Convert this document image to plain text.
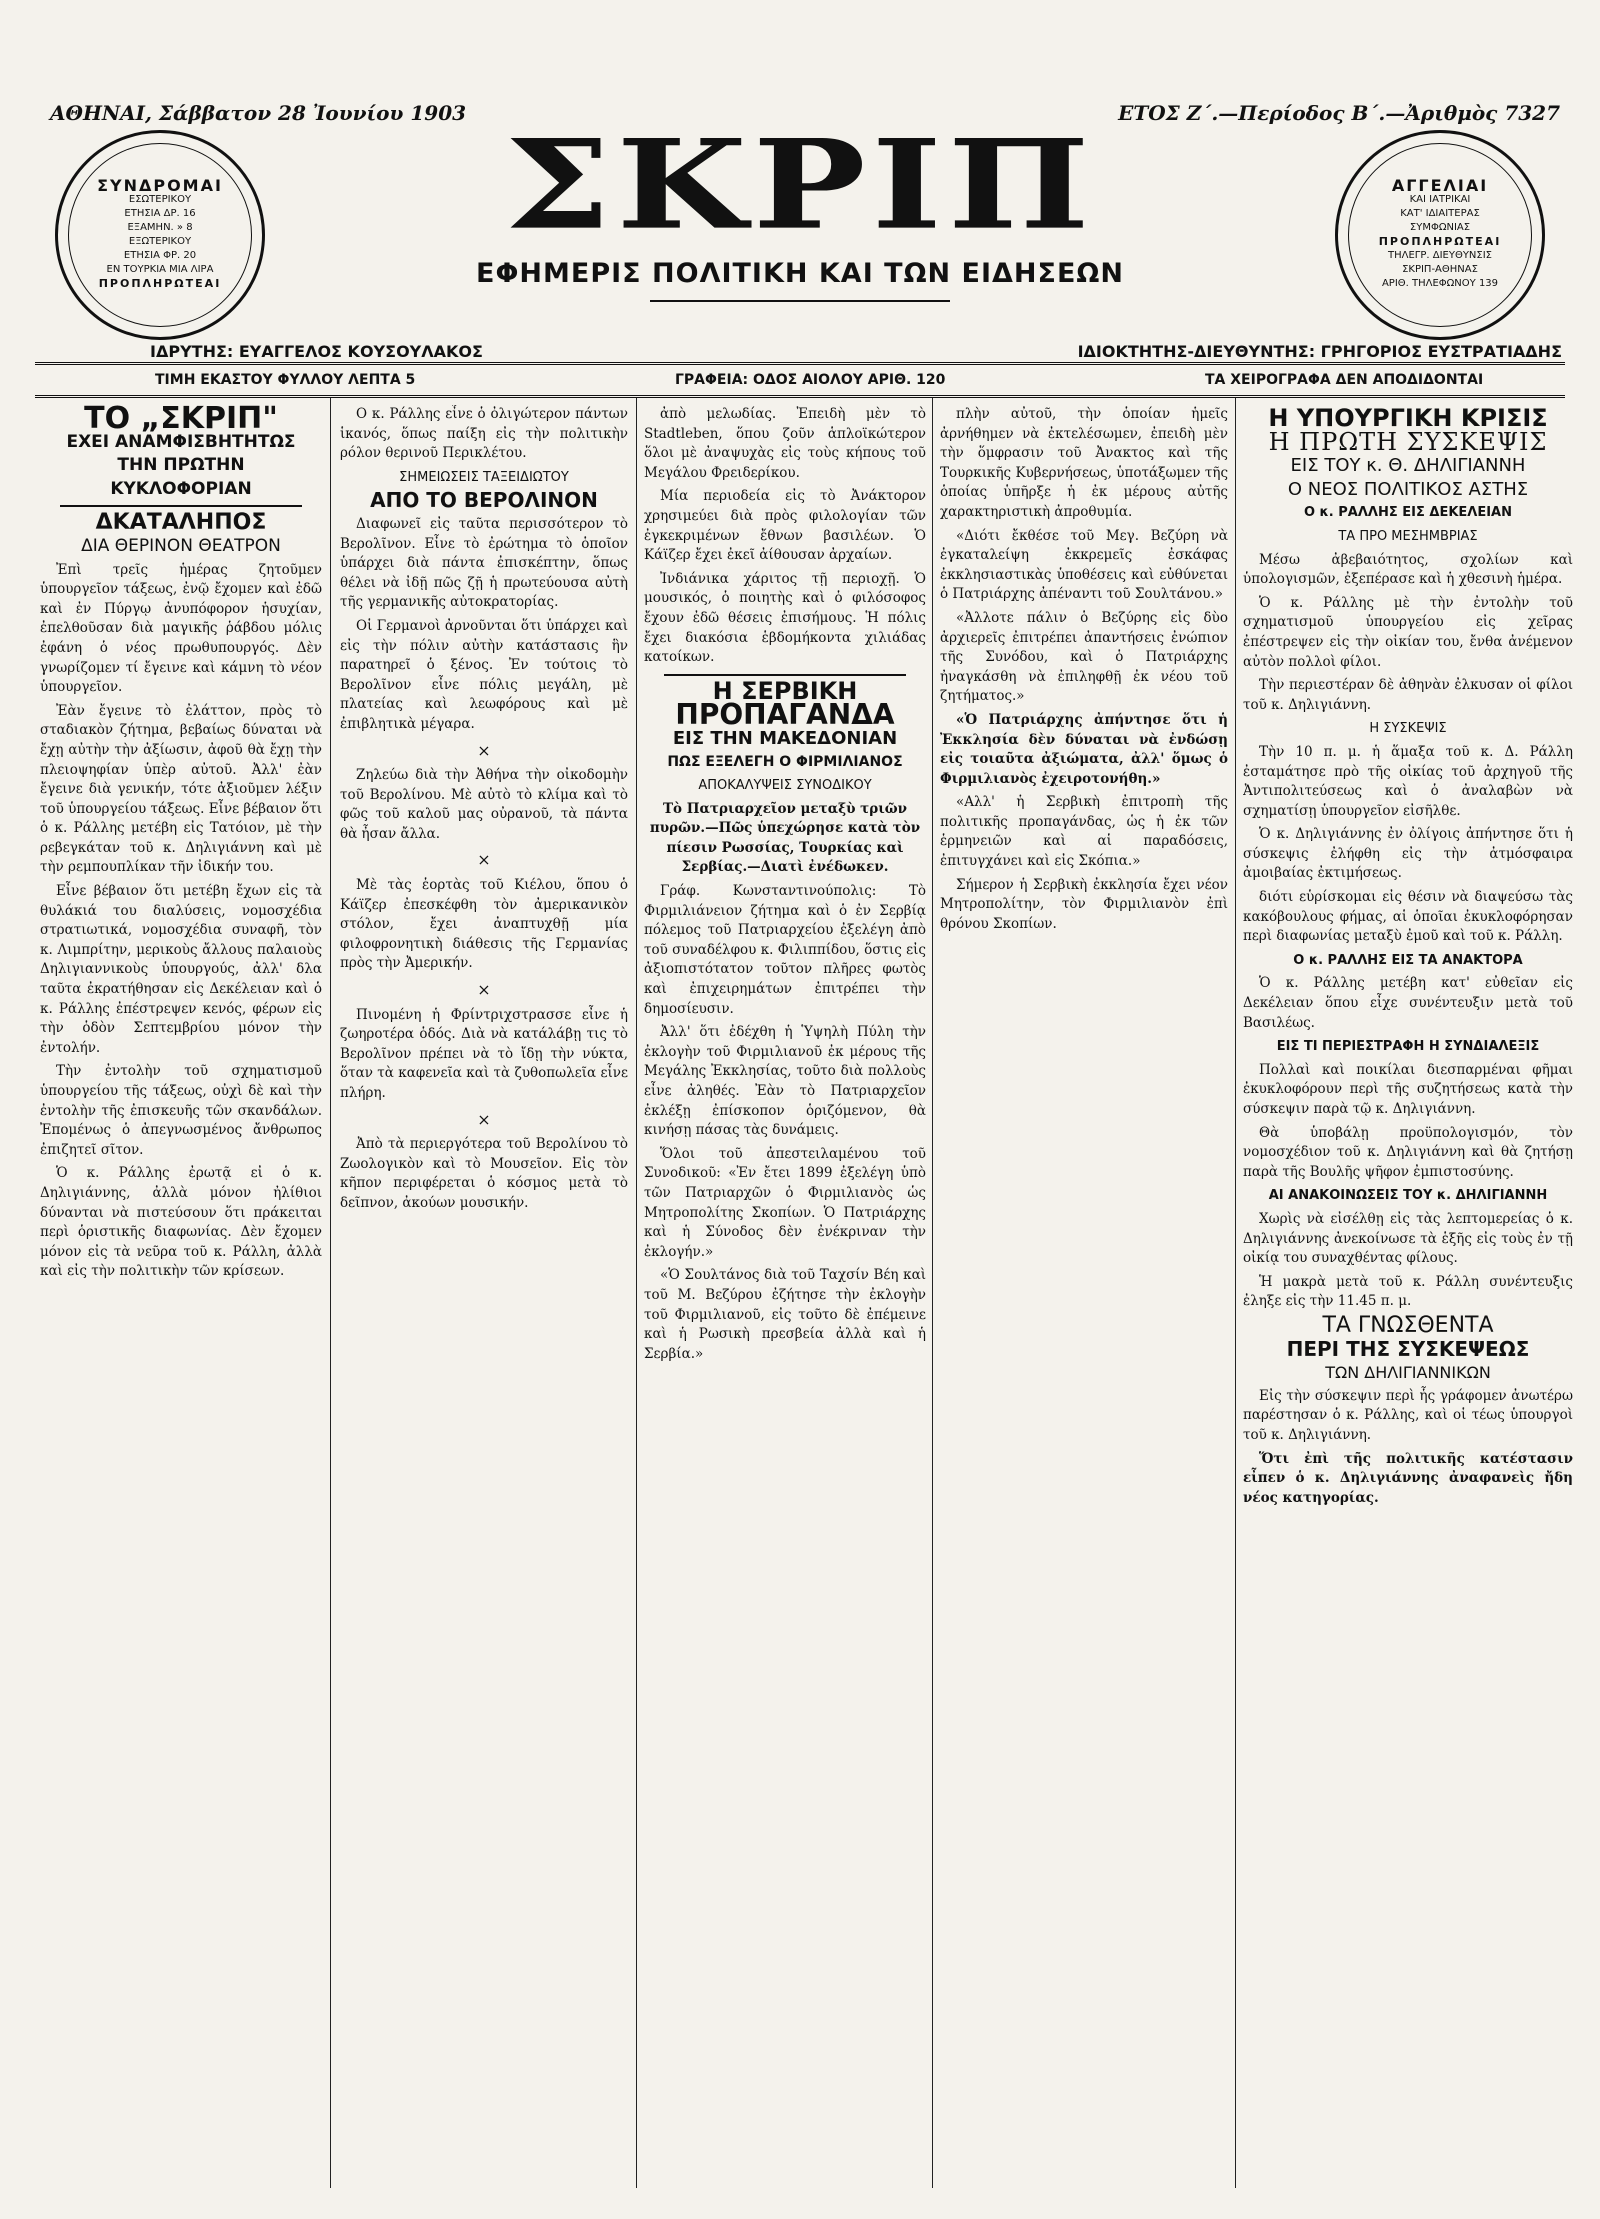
ΑΘΗΝΑΙ, Σάββατον 28 Ἰουνίου 1903	ΕΤΟΣ Ζ΄.—Περίοδος Β΄.—Ἀριθμὸς 7327
ΣΥΝΔΡΟΜΑΙ
ΕΣΩΤΕΡΙΚΟΥ
ΕΤΗΣΙΑ ΔΡ. 16
ΕΞΑΜΗΝ. » 8
ΕΞΩΤΕΡΙΚΟΥ
ΕΤΗΣΙΑ ΦΡ. 20
ΕΝ ΤΟΥΡΚΙΑ ΜΙΑ ΛΙΡΑ
ΠΡΟΠΛΗΡΩΤΕΑΙ
ΑΓΓΕΛΙΑΙ
ΚΑΙ ΙΑΤΡΙΚΑΙ
ΚΑΤ' ΙΔΙΑΙΤΕΡΑΣ
ΣΥΜΦΩΝΙΑΣ
ΠΡΟΠΛΗΡΩΤΕΑΙ
ΤΗΛΕΓΡ. ΔΙΕΥΘΥΝΣΙΣ
ΣΚΡΙΠ-ΑΘΗΝΑΣ
ΑΡΙΘ. ΤΗΛΕΦΩΝΟΥ 139
ΣΚΡΙΠ
ΕΦΗΜΕΡΙΣ ΠΟΛΙΤΙΚΗ ΚΑΙ ΤΩΝ ΕΙΔΗΣΕΩΝ
ΙΔΡΥΤΗΣ: ΕΥΑΓΓΕΛΟΣ ΚΟΥΣΟΥΛΑΚΟΣ	ΙΔΙΟΚΤΗΤΗΣ-ΔΙΕΥΘΥΝΤΗΣ: ΓΡΗΓΟΡΙΟΣ ΕΥΣΤΡΑΤΙΑΔΗΣ
ΤΙΜΗ ΕΚΑΣΤΟΥ ΦΥΛΛΟΥ ΛΕΠΤΑ 5	ΓΡΑΦΕΙΑ: ΟΔΟΣ ΑΙΟΛΟΥ ΑΡΙΘ. 120	ΤΑ ΧΕΙΡΟΓΡΑΦΑ ΔΕΝ ΑΠΟΔΙΔΟΝΤΑΙ
ΤΟ „ΣΚΡΙΠ"
ΕΧΕΙ ΑΝΑΜΦΙΣΒΗΤΗΤΩΣ
ΤΗΝ ΠΡΩΤΗΝ
ΚΥΚΛΟΦΟΡΙΑΝ
ΔΚΑΤΑΛΗΠΟΣ
ΔΙΑ ΘΕΡΙΝΟΝ ΘΕΑΤΡΟΝ

Ἐπὶ τρεῖς ἡμέρας ζητοῦμεν ὑπουργεῖον τάξεως, ἐνῷ ἔχομεν καὶ ἐδῶ καὶ ἐν Πύργῳ ἀνυπόφορον ἡσυχίαν, ἐπελθοῦσαν διὰ μαγικῆς ῥάβδου μόλις ἐφάνη ὁ νέος πρωθυπουργός. Δὲν γνωρίζομεν τί ἔγεινε καὶ κάμνη τὸ νέον ὑπουργεῖον.

Ἐὰν ἔγεινε τὸ ἐλάττον, πρὸς τὸ σταδιακὸν ζήτημα, βεβαίως δύναται νὰ ἔχῃ αὐτὴν τὴν ἀξίωσιν, ἀφοῦ θὰ ἔχῃ τὴν πλειοψηφίαν ὑπὲρ αὐτοῦ. Ἀλλ' ἐὰν ἔγεινε διὰ γενικήν, τότε ἀξιοῦμεν λέξιν τοῦ ὑπουργείου τάξεως. Εἶνε βέβαιον ὅτι ὁ κ. Ράλλης μετέβη εἰς Τατόιον, μὲ τὴν ρεβεγκάταν τοῦ κ. Δηλιγιάννη καὶ μὲ τὴν ρεμπουπλίκαν τῆν ἰδικήν του.

Εἶνε βέβαιον ὅτι μετέβη ἔχων εἰς τὰ θυλάκιά του διαλύσεις, νομοσχέδια στρατιωτικά, νομοσχέδια συναφῆ, τὸν κ. Λιμπρίτην, μερικοὺς ἄλλους παλαιοὺς Δηλιγιαννικοὺς ὑπουργούς, ἀλλ' δλα ταῦτα ἐκρατήθησαν εἰς Δεκέλειαν καὶ ὁ κ. Ράλλης ἐπέστρεψεν κενός, φέρων εἰς τὴν ὁδὸν Σεπτεμβρίου μόνον τὴν ἐντολήν.

Τὴν ἐντολὴν τοῦ σχηματισμοῦ ὑπουργείου τῆς τάξεως, οὐχὶ δὲ καὶ τὴν ἐντολὴν τῆς ἐπισκευῆς τῶν σκανδάλων. Ἐπομένως ὁ ἀπεγνωσμένος ἄνθρωπος ἐπιζητεῖ σῖτον.

Ὁ κ. Ράλλης ἐρωτᾷ εἰ ὁ κ. Δηλιγιάννης, ἀλλὰ μόνον ἠλίθιοι δύνανται νὰ πιστεύσουν ὅτι πράκειται περὶ ὁριστικῆς διαφωνίας. Δὲν ἔχομεν μόνον εἰς τὰ νεῦρα τοῦ κ. Ράλλη, ἀλλὰ καὶ εἰς τὴν πολιτικὴν τῶν κρίσεων.

Ο κ. Ράλλης εἶνε ὁ ὀλιγώτερον πάντων ἱκανός, ὅπως παίξη εἰς τὴν πολιτικὴν ρόλον θερινοῦ Περικλέτου.

ΣΗΜΕΙΩΣΕΙΣ ΤΑΞΕΙΔΙΩΤΟΥ
ΑΠΟ ΤΟ ΒΕΡΟΛΙΝΟΝ

Διαφωνεῖ εἰς ταῦτα περισσότερον τὸ Βερολῖνον. Εἶνε τὸ ἐρώτημα τὸ ὁποῖον ὑπάρχει διὰ πάντα ἐπισκέπτην, ὅπως θέλει νὰ ἰδῇ πῶς ζῇ ἡ πρωτεύουσα αὐτὴ τῆς γερμανικῆς αὐτοκρατορίας.

Οἱ Γερμανοὶ ἀρνοῦνται ὅτι ὑπάρχει καὶ εἰς τὴν πόλιν αὐτὴν κατάστασις ἣν παρατηρεῖ ὁ ξένος. Ἐν τούτοις τὸ Βερολῖνον εἶνε πόλις μεγάλη, μὲ πλατείας καὶ λεωφόρους καὶ μὲ ἐπιβλητικὰ μέγαρα.

×

Ζηλεύω διὰ τὴν Ἀθήνα τὴν οἰκοδομὴν τοῦ Βερολίνου. Μὲ αὐτὸ τὸ κλίμα καὶ τὸ φῶς τοῦ καλοῦ μας οὐρανοῦ, τὰ πάντα θὰ ἦσαν ἄλλα.

×

Μὲ τὰς ἑορτὰς τοῦ Κιέλου, ὅπου ὁ Κάϊζερ ἐπεσκέφθη τὸν ἀμερικανικὸν στόλον, ἔχει ἀναπτυχθῇ μία φιλοφρονητικὴ διάθεσις τῆς Γερμανίας πρὸς τὴν Ἀμερικήν.

×

Πινομένη ἡ Φρίντριχστρασσε εἶνε ἡ ζωηροτέρα ὁδός. Διὰ νὰ κατάλάβῃ τις τὸ Βερολῖνον πρέπει νὰ τὸ ἴδῃ τὴν νύκτα, ὅταν τὰ καφενεῖα καὶ τὰ ζυθοπωλεῖα εἶνε πλήρη.

×

Ἀπὸ τὰ περιεργότερα τοῦ Βερολίνου τὸ Ζωολογικὸν καὶ τὸ Μουσεῖον. Εἰς τὸν κῆπον περιφέρεται ὁ κόσμος μετὰ τὸ δεῖπνον, ἀκούων μουσικήν.

ἀπὸ μελωδίας. Ἐπειδὴ μὲν τὸ Stadtleben, ὅπου ζοῦν ἁπλοϊκώτερον ὅλοι μὲ ἀναψυχὰς εἰς τοὺς κήπους τοῦ Μεγάλου Φρειδερίκου.

Μία περιοδεία εἰς τὸ Ἀνάκτορον χρησιμεύει διὰ πρὸς φιλολογίαν τῶν ἐγκεκριμένων ἔθνων βασιλέων. Ὁ Κάϊζερ ἔχει ἐκεῖ ἀίθουσαν ἀρχαίων.

Ἰνδιάνικα χάριτος τῇ περιοχῇ. Ὁ μουσικός, ὁ ποιητὴς καὶ ὁ φιλόσοφος ἔχουν ἐδῶ θέσεις ἐπισήμους. Ἡ πόλις ἔχει διακόσια ἑβδομήκοντα χιλιάδας κατοίκων.

Η ΣΕΡΒΙΚΗ
ΠΡΟΠΑΓΑΝΔΑ
ΕΙΣ ΤΗΝ ΜΑΚΕΔΟΝΙΑΝ
ΠΩΣ ΕΞΕΛΕΓΗ Ο ΦΙΡΜΙΛΙΑΝΟΣ
ΑΠΟΚΑΛΥΨΕΙΣ ΣΥΝΟΔΙΚΟΥ

Τὸ Πατριαρχεῖον μεταξὺ τριῶν πυρῶν.—Πῶς ὑπεχώρησε κατὰ τὸν πίεσιν Ρωσσίας, Τουρκίας καὶ Σερβίας.—Διατὶ ἐνέδωκεν.

Γράφ. Κωνσταντινούπολις: Τὸ Φιρμιλιάνειον ζήτημα καὶ ὁ ἐν Σερβίᾳ πόλεμος τοῦ Πατριαρχείου ἐξελέγη ἀπὸ τοῦ συναδέλφου κ. Φιλιππίδου, ὅστις εἰς ἀξιοπιστότατον τοῦτον πλῆρες φωτὸς καὶ ἐπιχειρημάτων ἐπιτρέπει τὴν δημοσίευσιν.

Ἀλλ' ὅτι ἐδέχθη ἡ Ὑψηλὴ Πύλη τὴν ἐκλογὴν τοῦ Φιρμιλιανοῦ ἐκ μέρους τῆς Μεγάλης Ἐκκλησίας, τοῦτο διὰ πολλοὺς εἶνε ἀληθές. Ἐὰν τὸ Πατριαρχεῖον ἐκλέξῃ ἐπίσκοπον ὁριζόμενον, θὰ κινήσῃ πάσας τὰς δυνάμεις.

Ὅλοι τοῦ ἀπεστειλαμένου τοῦ Συνοδικοῦ: «Ἐν ἔτει 1899 ἐξελέγη ὑπὸ τῶν Πατριαρχῶν ὁ Φιρμιλιανὸς ὡς Μητροπολίτης Σκοπίων. Ὁ Πατριάρχης καὶ ἡ Σύνοδος δὲν ἐνέκριναν τὴν ἐκλογήν.»

«Ὁ Σουλτάνος διὰ τοῦ Ταχσίν Βέη καὶ τοῦ Μ. Βεζύρου ἐζήτησε τὴν ἐκλογὴν τοῦ Φιρμιλιανοῦ, εἰς τοῦτο δὲ ἐπέμεινε καὶ ἡ Ρωσικὴ πρεσβεία ἀλλὰ καὶ ἡ Σερβία.»

πλὴν αὐτοῦ, τὴν ὁποίαν ἡμεῖς ἀρνήθημεν νὰ ἐκτελέσωμεν, ἐπειδὴ μὲν τὴν ὅμφρασιν τοῦ Ἀνακτος καὶ τῆς Τουρκικῆς Κυβερνήσεως, ὑποτάξωμεν τῆς ὁποίας ὑπῆρξε ἡ ἐκ μέρους αὐτῆς χαρακτηριστικὴ ἀπροθυμία.

«Διότι ἔκθέσε τοῦ Μεγ. Βεζύρη νὰ ἐγκαταλείψη ἐκκρεμεῖς ἐσκάφας ἐκκλησιαστικὰς ὑποθέσεις καὶ εὐθύνεται ὁ Πατριάρχης ἀπέναντι τοῦ Σουλτάνου.»

«Ἀλλοτε πάλιν ὁ Βεζύρης εἰς δὺο ἀρχιερεῖς ἐπιτρέπει ἀπαντήσεις ἐνώπιον τῆς Συνόδου, καὶ ὁ Πατριάρχης ἠναγκάσθη νὰ ἐπιληφθῇ ἐκ νέου τοῦ ζητήματος.»

«Ὁ Πατριάρχης ἀπήντησε ὅτι ἡ Ἐκκλησία δὲν δύναται νὰ ἐνδώσῃ εἰς τοιαῦτα ἀξιώματα, ἀλλ' ὅμως ὁ Φιρμιλιανὸς ἐχειροτονήθη.»

«Αλλ' ἡ Σερβικὴ ἐπιτροπὴ τῆς πολιτικῆς προπαγάνδας, ὡς ἡ ἐκ τῶν ἑρμηνειῶν καὶ αἱ παραδόσεις, ἐπιτυγχάνει καὶ εἰς Σκόπια.»

Σήμερον ἡ Σερβικὴ ἐκκλησία ἔχει νέον Μητροπολίτην, τὸν Φιρμιλιανὸν ἐπὶ θρόνου Σκοπίων.

Η ΥΠΟΥΡΓΙΚΗ ΚΡΙΣΙΣ
Η ΠΡΩΤΗ ΣΥΣΚΕΨΙΣ
ΕΙΣ ΤΟΥ κ. Θ. ΔΗΛΙΓΙΑΝΝΗ
Ο ΝΕΟΣ ΠΟΛΙΤΙΚΟΣ ΑΣΤΗΣ
Ο κ. ΡΑΛΛΗΣ ΕΙΣ ΔΕΚΕΛΕΙΑΝ
ΤΑ ΠΡΟ ΜΕΣΗΜΒΡΙΑΣ

Μέσω ἀβεβαιότητος, σχολίων καὶ ὑπολογισμῶν, ἐξεπέρασε καὶ ἡ χθεσινὴ ἡμέρα.

Ὁ κ. Ράλλης μὲ τὴν ἐντολὴν τοῦ σχηματισμοῦ ὑπουργείου εἰς χεῖρας ἐπέστρεψεν εἰς τὴν οἰκίαν του, ἔνθα ἀνέμενον αὐτὸν πολλοὶ φίλοι.

Τὴν περιεστέραν δὲ ἀθηνὰν ἐλκυσαν οἱ φίλοι τοῦ κ. Δηλιγιάννη.

Η ΣΥΣΚΕΨΙΣ

Τὴν 10 π. μ. ἡ ἅμαξα τοῦ κ. Δ. Ράλλη ἐσταμάτησε πρὸ τῆς οἰκίας τοῦ ἀρχηγοῦ τῆς Ἀντιπολιτεύσεως καὶ ὁ ἀναλαβὼν νὰ σχηματίσῃ ὑπουργεῖον εἰσῆλθε.

Ὁ κ. Δηλιγιάννης ἐν ὀλίγοις ἀπήντησε ὅτι ἡ σύσκεψις ἐλήφθη εἰς τὴν ἀτμόσφαιρα ἀμοιβαίας ἐκτιμήσεως.

διότι εὑρίσκομαι εἰς θέσιν νὰ διαψεύσω τὰς κακόβουλους φήμας, αἱ ὁποῖαι ἐκυκλοφόρησαν περὶ διαφωνίας μεταξὺ ἐμοῦ καὶ τοῦ κ. Ράλλη.

Ο κ. ΡΑΛΛΗΣ ΕΙΣ ΤΑ ΑΝΑΚΤΟΡΑ

Ὁ κ. Ράλλης μετέβη κατ' εὐθεῖαν εἰς Δεκέλειαν ὅπου εἶχε συνέντευξιν μετὰ τοῦ Βασιλέως.

ΕΙΣ ΤΙ ΠΕΡΙΕΣΤΡΑΦΗ Η ΣΥΝΔΙΑΛΕΞΙΣ

Πολλαὶ καὶ ποικίλαι διεσπαρμέναι φῆμαι ἐκυκλοφόρουν περὶ τῆς συζητήσεως κατὰ τὴν σύσκεψιν παρὰ τῷ κ. Δηλιγιάννη.

Θὰ ὑποβάλῃ προϋπολογισμόν, τὸν νομοσχέδιον τοῦ κ. Δηλιγιάννη καὶ θὰ ζητήσῃ παρὰ τῆς Βουλῆς ψῆφον ἐμπιστοσύνης.

ΑΙ ΑΝΑΚΟΙΝΩΣΕΙΣ ΤΟΥ κ. ΔΗΛΙΓΙΑΝΝΗ

Χωρὶς νὰ εἰσέλθῃ εἰς τὰς λεπτομερείας ὁ κ. Δηλιγιάννης ἀνεκοίνωσε τὰ ἑξῆς εἰς τοὺς ἐν τῇ οἰκίᾳ του συναχθέντας φίλους.

Ἡ μακρὰ μετὰ τοῦ κ. Ράλλη συνέντευξις ἐληξε εἰς τὴν 11.45 π. μ.

ΤΑ ΓΝΩΣΘΕΝΤΑ
ΠΕΡΙ ΤΗΣ ΣΥΣΚΕΨΕΩΣ
ΤΩΝ ΔΗΛΙΓΙΑΝΝΙΚΩΝ

Εἰς τὴν σύσκεψιν περὶ ἧς γράφομεν ἀνωτέρω παρέστησαν ὁ κ. Ράλλης, καὶ οἱ τέως ὑπουργοὶ τοῦ κ. Δηλιγιάννη.

Ὅτι ἐπὶ τῆς πολιτικῆς κατέστασιν εἶπεν ὁ κ. Δηλιγιάννης ἀναφανεὶς ἤδη νέος κατηγορίας.
